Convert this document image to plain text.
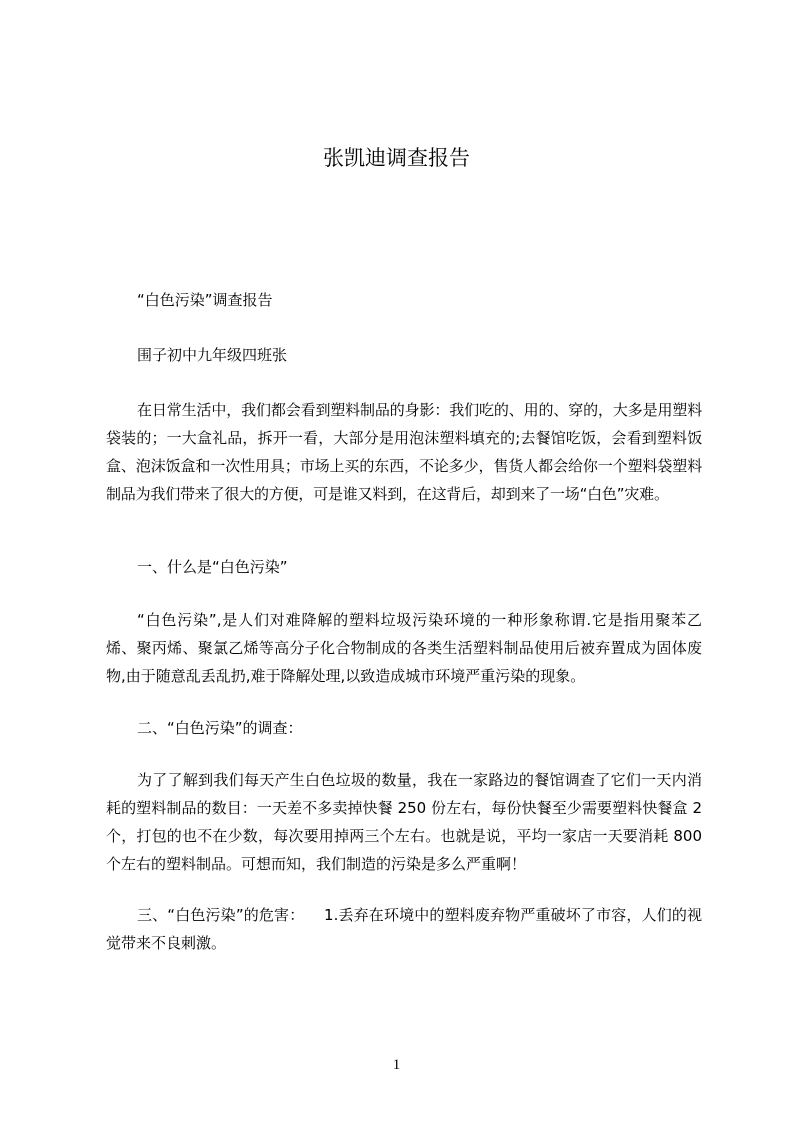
张凯迪调查报告

“白色污染”调查报告

围子初中九年级四班张

在日常生活中，我们都会看到塑料制品的身影：我们吃的、用的、穿的，大多是用塑料袋装的；一大盒礼品，拆开一看，大部分是用泡沫塑料填充的;去餐馆吃饭，会看到塑料饭盒、泡沫饭盒和一次性用具；市场上买的东西，不论多少，售货人都会给你一个塑料袋塑料制品为我们带来了很大的方便，可是谁又料到，在这背后，却到来了一场“白色”灾难。

一、什么是“白色污染”

“白色污染”,是人们对难降解的塑料垃圾污染环境的一种形象称谓.它是指用聚苯乙烯、聚丙烯、聚氯乙烯等高分子化合物制成的各类生活塑料制品使用后被弃置成为固体废物,由于随意乱丢乱扔,难于降解处理,以致造成城市环境严重污染的现象。

二、“白色污染”的调查：

为了了解到我们每天产生白色垃圾的数量，我在一家路边的餐馆调查了它们一天内消耗的塑料制品的数目：一天差不多卖掉快餐 250 份左右，每份快餐至少需要塑料快餐盒 2 个，打包的也不在少数，每次要用掉两三个左右。也就是说，平均一家店一天要消耗 800 个左右的塑料制品。可想而知，我们制造的污染是多么严重啊！

三、“白色污染”的危害：    1.丢弃在环境中的塑料废弃物严重破坏了市容，人们的视觉带来不良刺激。

1
